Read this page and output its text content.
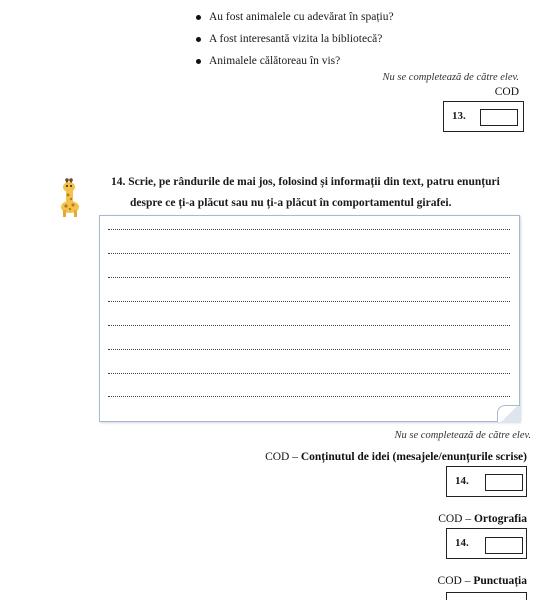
Au fost animalele cu adevărat în spațiu?
A fost interesantă vizita la bibliotecă?
Animalele călătoreau în vis?
Nu se completează de către elev.
COD
13.
14. Scrie, pe rândurile de mai jos, folosind și informații din text, patru enunțuri
despre ce ți-a plăcut sau nu ți-a plăcut în comportamentul girafei.
Nu se completează de către elev.
COD – Conținutul de idei (mesajele/enunțurile scrise)
14.
COD – Ortografia
14.
COD – Punctuația
